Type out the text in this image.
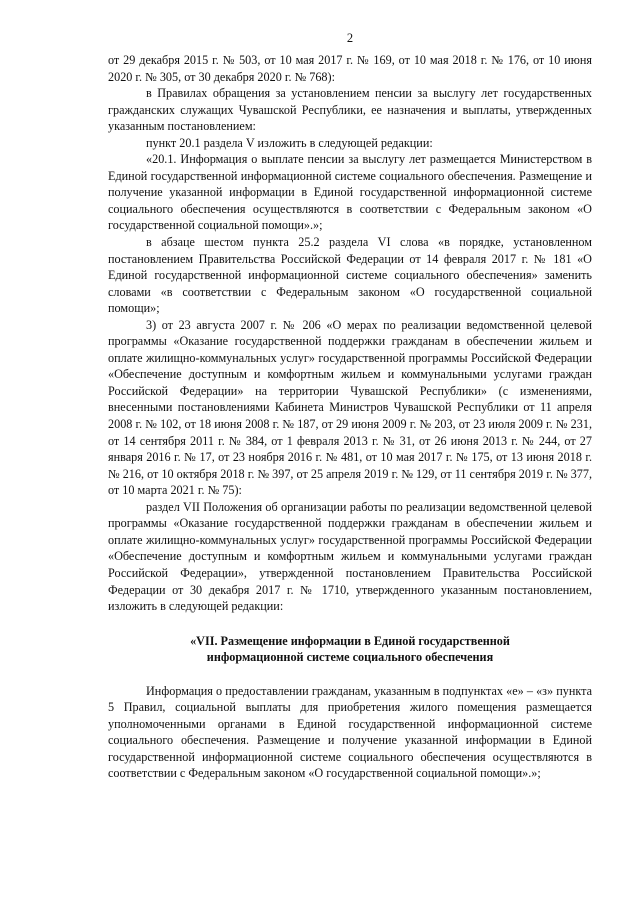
2

от 29 декабря 2015 г. № 503, от 10 мая 2017 г. № 169, от 10 мая 2018 г. № 176, от 10 июня 2020 г. № 305, от 30 декабря 2020 г. № 768):

в Правилах обращения за установлением пенсии за выслугу лет государственных гражданских служащих Чувашской Республики, ее назначения и выплаты, утвержденных указанным постановлением:

пункт 20.1 раздела V изложить в следующей редакции:

«20.1. Информация о выплате пенсии за выслугу лет размещается Министерством в Единой государственной информационной системе социального обеспечения. Размещение и получение указанной информации в Единой государственной информационной системе социального обеспечения осуществляются в соответствии с Федеральным законом «О государственной социальной помощи».»;

в абзаце шестом пункта 25.2 раздела VI слова «в порядке, установленном постановлением Правительства Российской Федерации от 14 февраля 2017 г. № 181 «О Единой государственной информационной системе социального обеспечения» заменить словами «в соответствии с Федеральным законом «О государственной социальной помощи»;

3) от 23 августа 2007 г. № 206 «О мерах по реализации ведомственной целевой программы «Оказание государственной поддержки гражданам в обеспечении жильем и оплате жилищно-коммунальных услуг» государственной программы Российской Федерации «Обеспечение доступным и комфортным жильем и коммунальными услугами граждан Российской Федерации» на территории Чувашской Республики» (с изменениями, внесенными постановлениями Кабинета Министров Чувашской Республики от 11 апреля 2008 г. № 102, от 18 июня 2008 г. № 187, от 29 июня 2009 г. № 203, от 23 июля 2009 г. № 231, от 14 сентября 2011 г. № 384, от 1 февраля 2013 г. № 31, от 26 июня 2013 г. № 244, от 27 января 2016 г. № 17, от 23 ноября 2016 г. № 481, от 10 мая 2017 г. № 175, от 13 июня 2018 г. № 216, от 10 октября 2018 г. № 397, от 25 апреля 2019 г. № 129, от 11 сентября 2019 г. № 377, от 10 марта 2021 г. № 75):

раздел VII Положения об организации работы по реализации ведомственной целевой программы «Оказание государственной поддержки гражданам в обеспечении жильем и оплате жилищно-коммунальных услуг» государственной программы Российской Федерации «Обеспечение доступным и комфортным жильем и коммунальными услугами граждан Российской Федерации», утвержденной постановлением Правительства Российской Федерации от 30 декабря 2017 г. № 1710, утвержденного указанным постановлением, изложить в следующей редакции:

«VII. Размещение информации в Единой государственной
информационной системе социального обеспечения

Информация о предоставлении гражданам, указанным в подпунктах «е» – «з» пункта 5 Правил, социальной выплаты для приобретения жилого помещения размещается уполномоченными органами в Единой государственной информационной системе социального обеспечения. Размещение и получение указанной информации в Единой государственной информационной системе социального обеспечения осуществляются в соответствии с Федеральным законом «О государственной социальной помощи».»;
